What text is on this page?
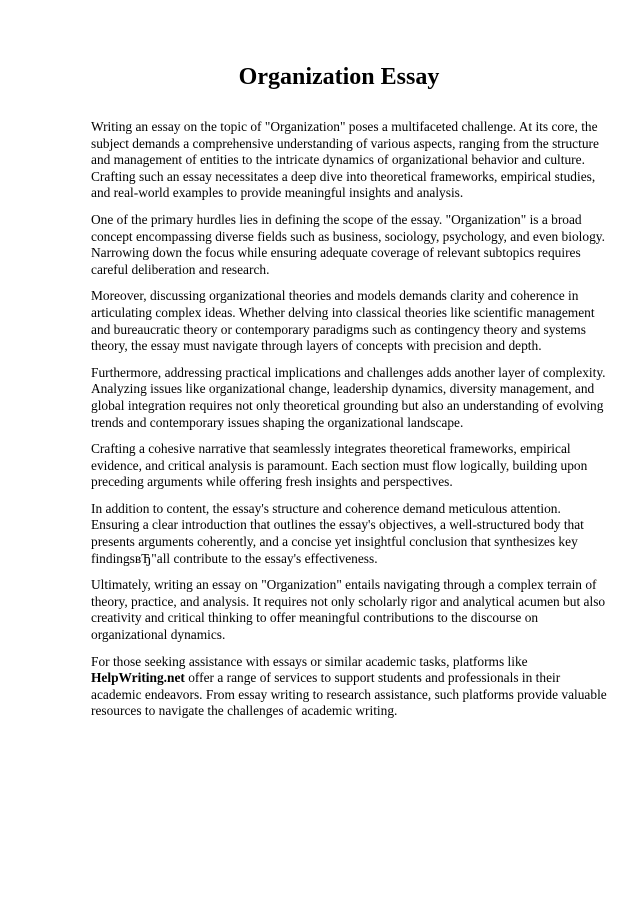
Organization Essay

Writing an essay on the topic of "Organization" poses a multifaceted challenge. At its core, the
subject demands a comprehensive understanding of various aspects, ranging from the structure
and management of entities to the intricate dynamics of organizational behavior and culture.
Crafting such an essay necessitates a deep dive into theoretical frameworks, empirical studies,
and real-world examples to provide meaningful insights and analysis.

One of the primary hurdles lies in defining the scope of the essay. "Organization" is a broad
concept encompassing diverse fields such as business, sociology, psychology, and even biology.
Narrowing down the focus while ensuring adequate coverage of relevant subtopics requires
careful deliberation and research.

Moreover, discussing organizational theories and models demands clarity and coherence in
articulating complex ideas. Whether delving into classical theories like scientific management
and bureaucratic theory or contemporary paradigms such as contingency theory and systems
theory, the essay must navigate through layers of concepts with precision and depth.

Furthermore, addressing practical implications and challenges adds another layer of complexity.
Analyzing issues like organizational change, leadership dynamics, diversity management, and
global integration requires not only theoretical grounding but also an understanding of evolving
trends and contemporary issues shaping the organizational landscape.

Crafting a cohesive narrative that seamlessly integrates theoretical frameworks, empirical
evidence, and critical analysis is paramount. Each section must flow logically, building upon
preceding arguments while offering fresh insights and perspectives.

In addition to content, the essay's structure and coherence demand meticulous attention.
Ensuring a clear introduction that outlines the essay's objectives, a well-structured body that
presents arguments coherently, and a concise yet insightful conclusion that synthesizes key
findingsвЂ"all contribute to the essay's effectiveness.

Ultimately, writing an essay on "Organization" entails navigating through a complex terrain of
theory, practice, and analysis. It requires not only scholarly rigor and analytical acumen but also
creativity and critical thinking to offer meaningful contributions to the discourse on
organizational dynamics.

For those seeking assistance with essays or similar academic tasks, platforms like
HelpWriting.net offer a range of services to support students and professionals in their
academic endeavors. From essay writing to research assistance, such platforms provide valuable
resources to navigate the challenges of academic writing.
